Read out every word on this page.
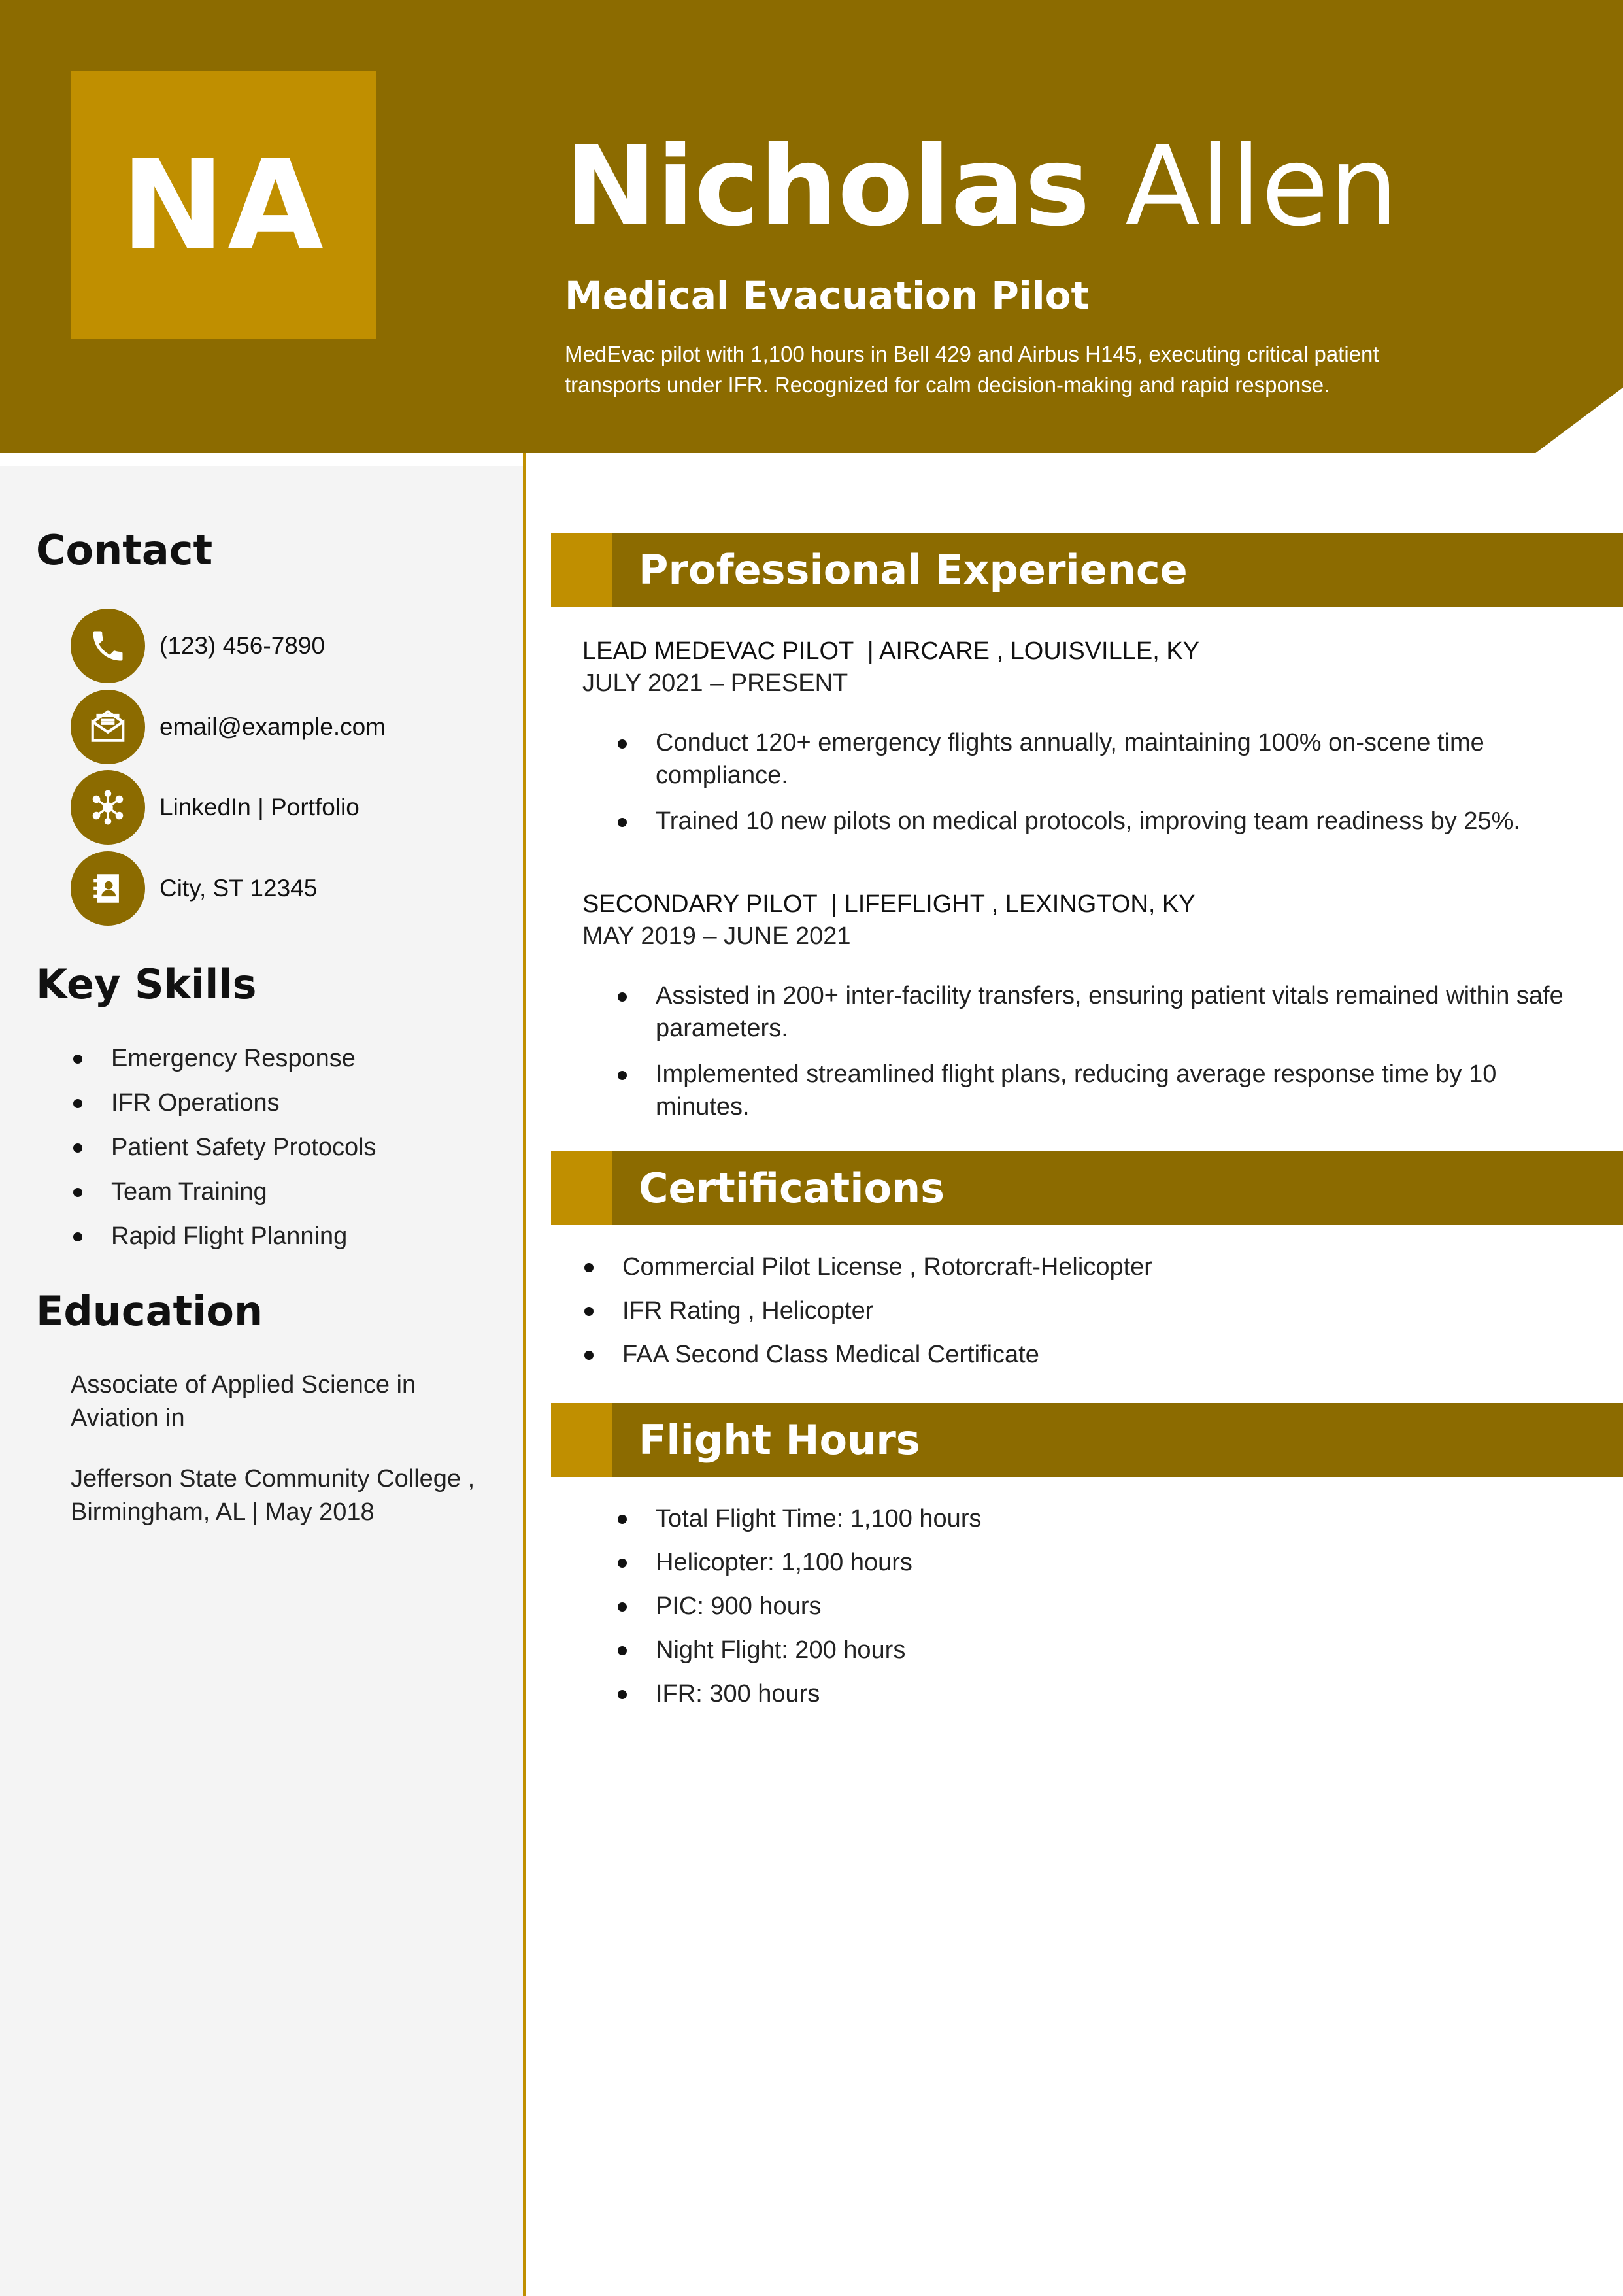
NA	Nicholas Allen
Medical Evacuation Pilot
MedEvac pilot with 1,100 hours in Bell 429 and Airbus H145, executing critical patient transports under IFR. Recognized for calm decision-making and rapid response.
Contact
(123) 456-7890
email@example.com
LinkedIn | Portfolio
City, ST 12345
Key Skills
Emergency Response
IFR Operations
Patient Safety Protocols
Team Training
Rapid Flight Planning
Education
Associate of Applied Science in Aviation in
Jefferson State Community College , Birmingham, AL | May 2018
Professional Experience
LEAD MEDEVAC PILOT  | AIRCARE , LOUISVILLE, KY
JULY 2021 – PRESENT
Conduct 120+ emergency flights annually, maintaining 100% on-scene time compliance.
Trained 10 new pilots on medical protocols, improving team readiness by 25%.
SECONDARY PILOT  | LIFEFLIGHT , LEXINGTON, KY
MAY 2019 – JUNE 2021
Assisted in 200+ inter-facility transfers, ensuring patient vitals remained within safe parameters.
Implemented streamlined flight plans, reducing average response time by 10 minutes.
Certifications
Commercial Pilot License , Rotorcraft-Helicopter
IFR Rating , Helicopter
FAA Second Class Medical Certificate
Flight Hours
Total Flight Time: 1,100 hours
Helicopter: 1,100 hours
PIC: 900 hours
Night Flight: 200 hours
IFR: 300 hours
